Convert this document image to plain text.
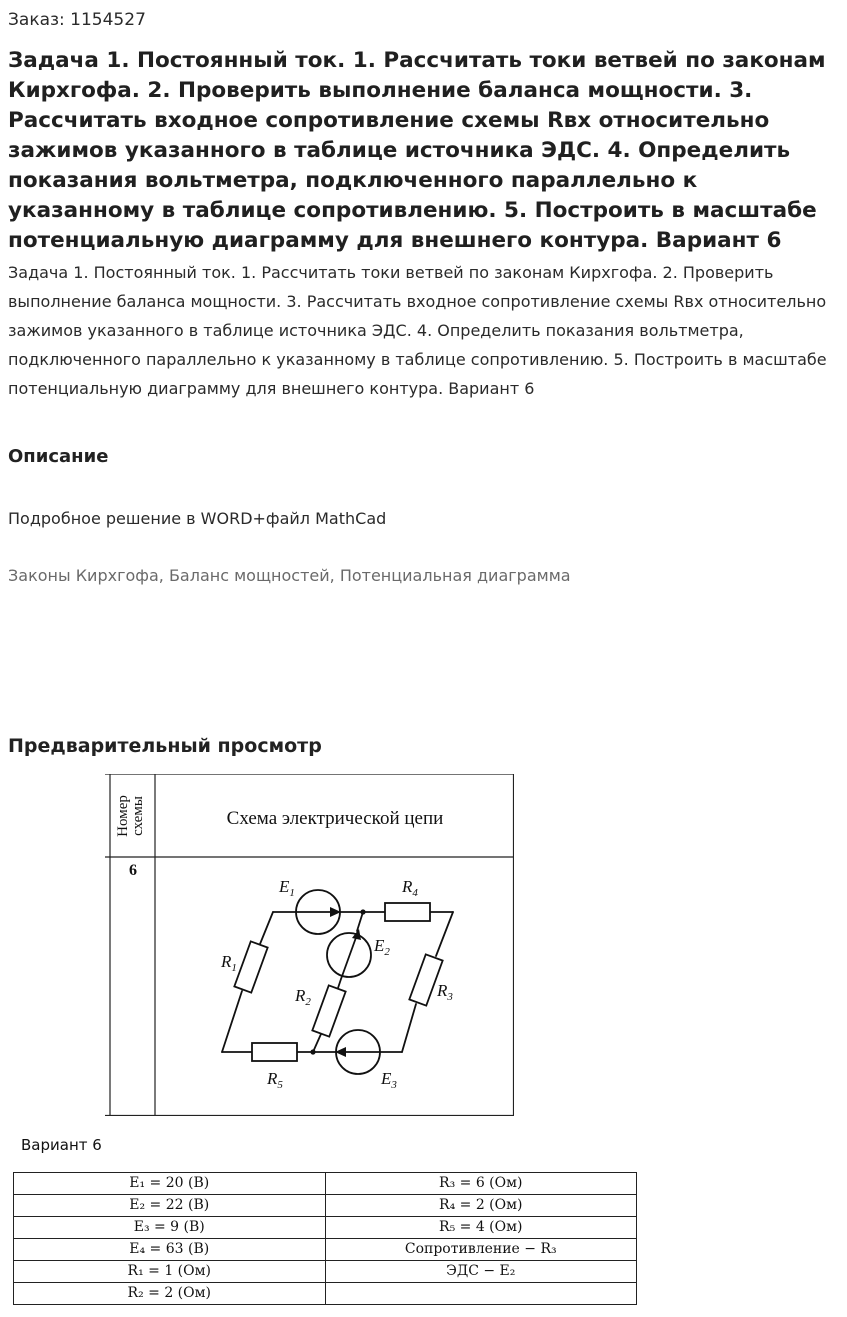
Заказ: 1154527
Задача 1. Постоянный ток. 1. Рассчитать токи ветвей по законам Кирхгофа. 2. Проверить выполнение баланса мощности. 3. Рассчитать входное сопротивление схемы Rвх относительно зажимов указанного в таблице источника ЭДС. 4. Определить показания вольтметра, подключенного параллельно к указанному в таблице сопротивлению. 5. Построить в масштабе потенциальную диаграмму для внешнего контура. Вариант 6
Задача 1. Постоянный ток. 1. Рассчитать токи ветвей по законам Кирхгофа. 2. Проверить выполнение баланса мощности. 3. Рассчитать входное сопротивление схемы Rвх относительно зажимов указанного в таблице источника ЭДС. 4. Определить показания вольтметра, подключенного параллельно к указанному в таблице сопротивлению. 5. Построить в масштабе потенциальную диаграмму для внешнего контура. Вариант 6
Описание
Подробное решение в WORD+файл MathCad
Законы Кирхгофа, Баланс мощностей, Потенциальная диаграмма
Предварительный просмотр
Номер схемы	Схема электрической цепи
6
$E_1$	$R_4$
$E_2$
$R_1$
$R_3$
$R_2$
$R_5$	$E_3$
Вариант 6
E₁ = 20 (B)	R₃ = 6 (Ом)
E₂ = 22 (B)	R₄ = 2 (Ом)
E₃ = 9 (B)	R₅ = 4 (Ом)
E₄ = 63 (B)	Сопротивление − R₃
R₁ = 1 (Ом)	ЭДС − E₂
R₂ = 2 (Ом)	
